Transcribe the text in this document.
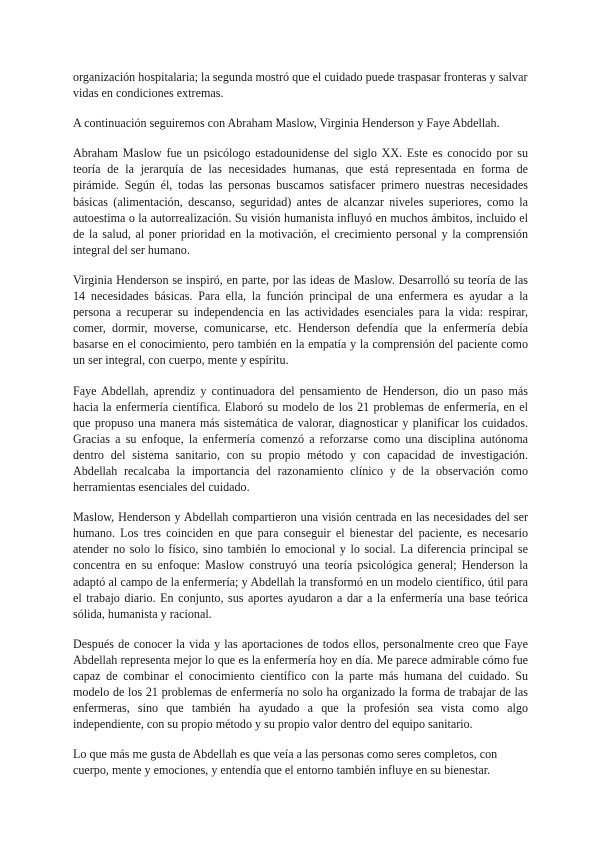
organización hospitalaria; la segunda mostró que el cuidado puede traspasar fronteras y salvar vidas en condiciones extremas.

A continuación seguiremos con Abraham Maslow, Virginia Henderson y Faye Abdellah.

Abraham Maslow fue un psicólogo estadounidense del siglo XX. Este es conocido por su teoría de la jerarquía de las necesidades humanas, que está representada en forma de pirámide. Según él, todas las personas buscamos satisfacer primero nuestras necesidades básicas (alimentación, descanso, seguridad) antes de alcanzar niveles superiores, como la autoestima o la autorrealización. Su visión humanista influyó en muchos ámbitos, incluido el de la salud, al poner prioridad en la motivación, el crecimiento personal y la comprensión integral del ser humano.

Virginia Henderson se inspiró, en parte, por las ideas de Maslow. Desarrolló su teoría de las 14 necesidades básicas. Para ella, la función principal de una enfermera es ayudar a la persona a recuperar su independencia en las actividades esenciales para la vida: respirar, comer, dormir, moverse, comunicarse, etc. Henderson defendía que la enfermería debía basarse en el conocimiento, pero también en la empatía y la comprensión del paciente como un ser integral, con cuerpo, mente y espíritu.

Faye Abdellah, aprendiz y continuadora del pensamiento de Henderson, dio un paso más hacia la enfermería científica. Elaboró su modelo de los 21 problemas de enfermería, en el que propuso una manera más sistemática de valorar, diagnosticar y planificar los cuidados. Gracias a su enfoque, la enfermería comenzó a reforzarse como una disciplina autónoma dentro del sistema sanitario, con su propio método y con capacidad de investigación. Abdellah recalcaba la importancia del razonamiento clínico y de la observación como herramientas esenciales del cuidado.

Maslow, Henderson y Abdellah compartieron una visión centrada en las necesidades del ser humano. Los tres coinciden en que para conseguir el bienestar del paciente, es necesario atender no solo lo físico, sino también lo emocional y lo social. La diferencia principal se concentra en su enfoque: Maslow construyó una teoría psicológica general; Henderson la adaptó al campo de la enfermería; y Abdellah la transformó en un modelo científico, útil para el trabajo diario. En conjunto, sus aportes ayudaron a dar a la enfermería una base teórica sólida, humanista y racional.

Después de conocer la vida y las aportaciones de todos ellos, personalmente creo que Faye Abdellah representa mejor lo que es la enfermería hoy en día. Me parece admirable cómo fue capaz de combinar el conocimiento científico con la parte más humana del cuidado. Su modelo de los 21 problemas de enfermería no solo ha organizado la forma de trabajar de las enfermeras, sino que también ha ayudado a que la profesión sea vista como algo independiente, con su propio método y su propio valor dentro del equipo sanitario.

Lo que más me gusta de Abdellah es que veía a las personas como seres completos, con cuerpo, mente y emociones, y entendía que el entorno también influye en su bienestar.
